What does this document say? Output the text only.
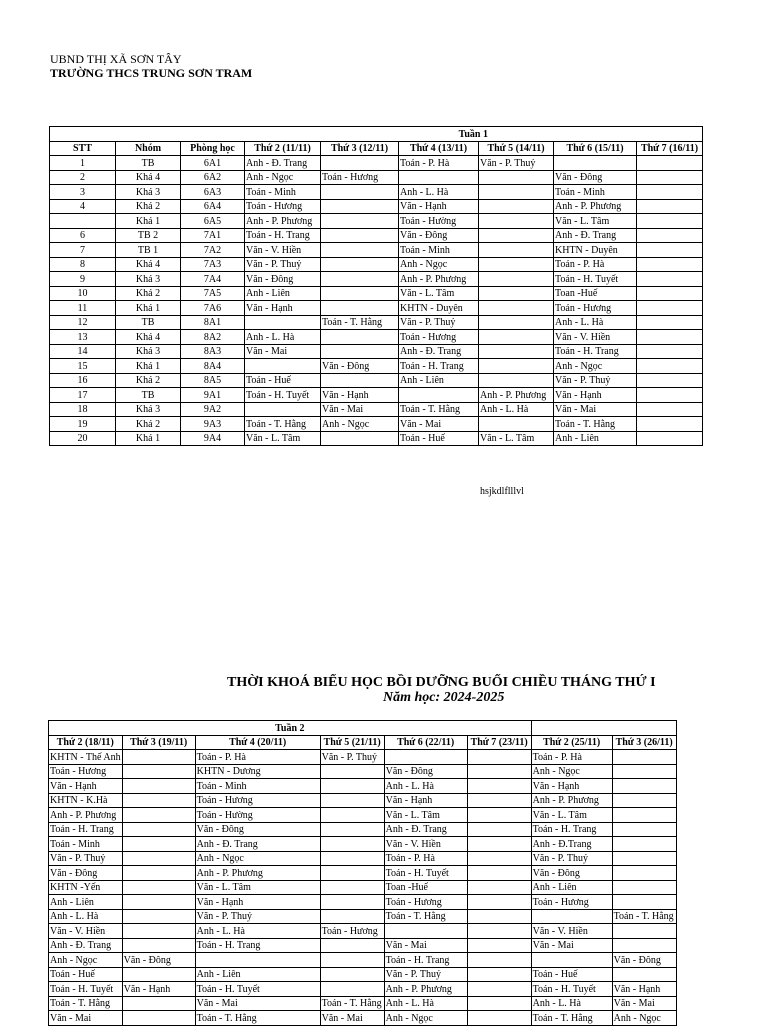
UBND THỊ XÃ SƠN TÂY
TRƯỜNG THCS TRUNG SƠN TRAM
			Tuần 1					
STT	Nhóm	Phòng học	Thứ 2 (11/11)	Thứ 3 (12/11)	Thứ 4 (13/11)	Thứ 5 (14/11)	Thứ 6 (15/11)	Thứ 7 (16/11)
1	TB	6A1	Anh - Đ. Trang		Toán - P. Hà	Văn - P. Thuỷ		
2	Khá 4	6A2	Anh - Ngọc	Toán - Hương			Văn - Đông	
3	Khá 3	6A3	Toán - Minh		Anh - L. Hà		Toán - Minh	
4	Khá 2	6A4	Toán - Hương		Văn - Hạnh		Anh - P. Phương	
	Khá 1	6A5	Anh - P. Phương		Toán - Hường		Văn - L. Tâm	
6	TB 2	7A1	Toán - H. Trang		Văn - Đông		Anh - Đ. Trang	
7	TB 1	7A2	Văn - V. Hiền		Toán - Minh		KHTN - Duyên	
8	Khá 4	7A3	Văn - P. Thuỷ		Anh - Ngọc		Toán - P. Hà	
9	Khá 3	7A4	Văn - Đông		Anh - P. Phương		Toán - H. Tuyết	
10	Khá 2	7A5	Anh - Liên		Văn - L. Tâm		Toan -Huế	
11	Khá 1	7A6	Văn - Hạnh		KHTN - Duyên		Toán - Hương	
12	TB	8A1		Toán - T. Hằng	Văn - P. Thuỷ		Anh - L. Hà	
13	Khá 4	8A2	Anh - L. Hà		Toán - Hương		Văn - V. Hiền	
14	Khá 3	8A3	Văn - Mai		Anh - Đ. Trang		Toán - H. Trang	
15	Khá 1	8A4		Văn - Đông	Toán - H. Trang		Anh - Ngọc	
16	Khá 2	8A5	Toán - Huế		Anh - Liên		Văn - P. Thuỷ	
17	TB	9A1	Toán - H. Tuyết	Văn - Hạnh		Anh - P. Phương	Văn - Hạnh	
18	Khá 3	9A2		Văn - Mai	Toán - T. Hằng	Anh - L. Hà	Văn - Mai	
19	Khá 2	9A3	Toán - T. Hằng	Anh - Ngọc	Văn - Mai		Toán - T. Hằng	
20	Khá 1	9A4	Văn - L. Tâm		Toán - Huế	Văn - L. Tâm	Anh - Liên	
hsjkdlflllvl
THỜI KHOÁ BIỂU HỌC BỒI DƯỠNG BUỔI CHIỀU THÁNG THỨ I
Năm học: 2024-2025
Tuần 2							
Thứ 2 (18/11)	Thứ 3 (19/11)	Thứ 4 (20/11)	Thứ 5 (21/11)	Thứ 6 (22/11)	Thứ 7 (23/11)	Thứ 2 (25/11)	Thứ 3 (26/11)
KHTN - Thế Anh		Toán - P. Hà	Văn - P. Thuỷ			Toán - P. Hà	
Toán - Hương		KHTN - Dương		Văn - Đông		Anh - Ngọc	
Văn - Hạnh		Toán - Minh		Anh - L. Hà		Văn - Hạnh	
KHTN - K.Hà		Toán - Hương		Văn - Hạnh		Anh - P. Phương	
Anh - P. Phương		Toán - Hường		Văn - L. Tâm		Văn - L. Tâm	
Toán - H. Trang		Văn - Đông		Anh - Đ. Trang		Toán - H. Trang	
Toán - Minh		Anh - Đ. Trang		Văn - V. Hiền		Anh - Đ.Trang	
Văn - P. Thuỷ		Anh - Ngọc		Toán - P. Hà		Văn - P. Thuỷ	
Văn - Đông		Anh - P. Phương		Toán - H. Tuyết		Văn - Đông	
KHTN -Yến		Văn - L. Tâm		Toan -Huế		Anh - Liên	
Anh - Liên		Văn - Hạnh		Toán - Hương		Toán - Hương	
Anh - L. Hà		Văn - P. Thuỷ		Toán - T. Hằng			Toán - T. Hằng
Văn - V. Hiền		Anh - L. Hà	Toán - Hương			Văn - V. Hiền	
Anh - Đ. Trang		Toán - H. Trang		Văn - Mai		Văn - Mai	
Anh - Ngọc	Văn - Đông			Toán - H. Trang			Văn - Đông
Toán - Huế		Anh - Liên		Văn - P. Thuỷ		Toán - Huế	
Toán - H. Tuyết	Văn - Hạnh	Toán - H. Tuyết		Anh - P. Phương		Toán - H. Tuyết	Văn - Hạnh
Toán - T. Hằng		Văn - Mai	Toán - T. Hằng	Anh - L. Hà		Anh - L. Hà	Văn - Mai
Văn - Mai		Toán - T. Hằng	Văn - Mai	Anh - Ngọc		Toán - T. Hằng	Anh - Ngọc
